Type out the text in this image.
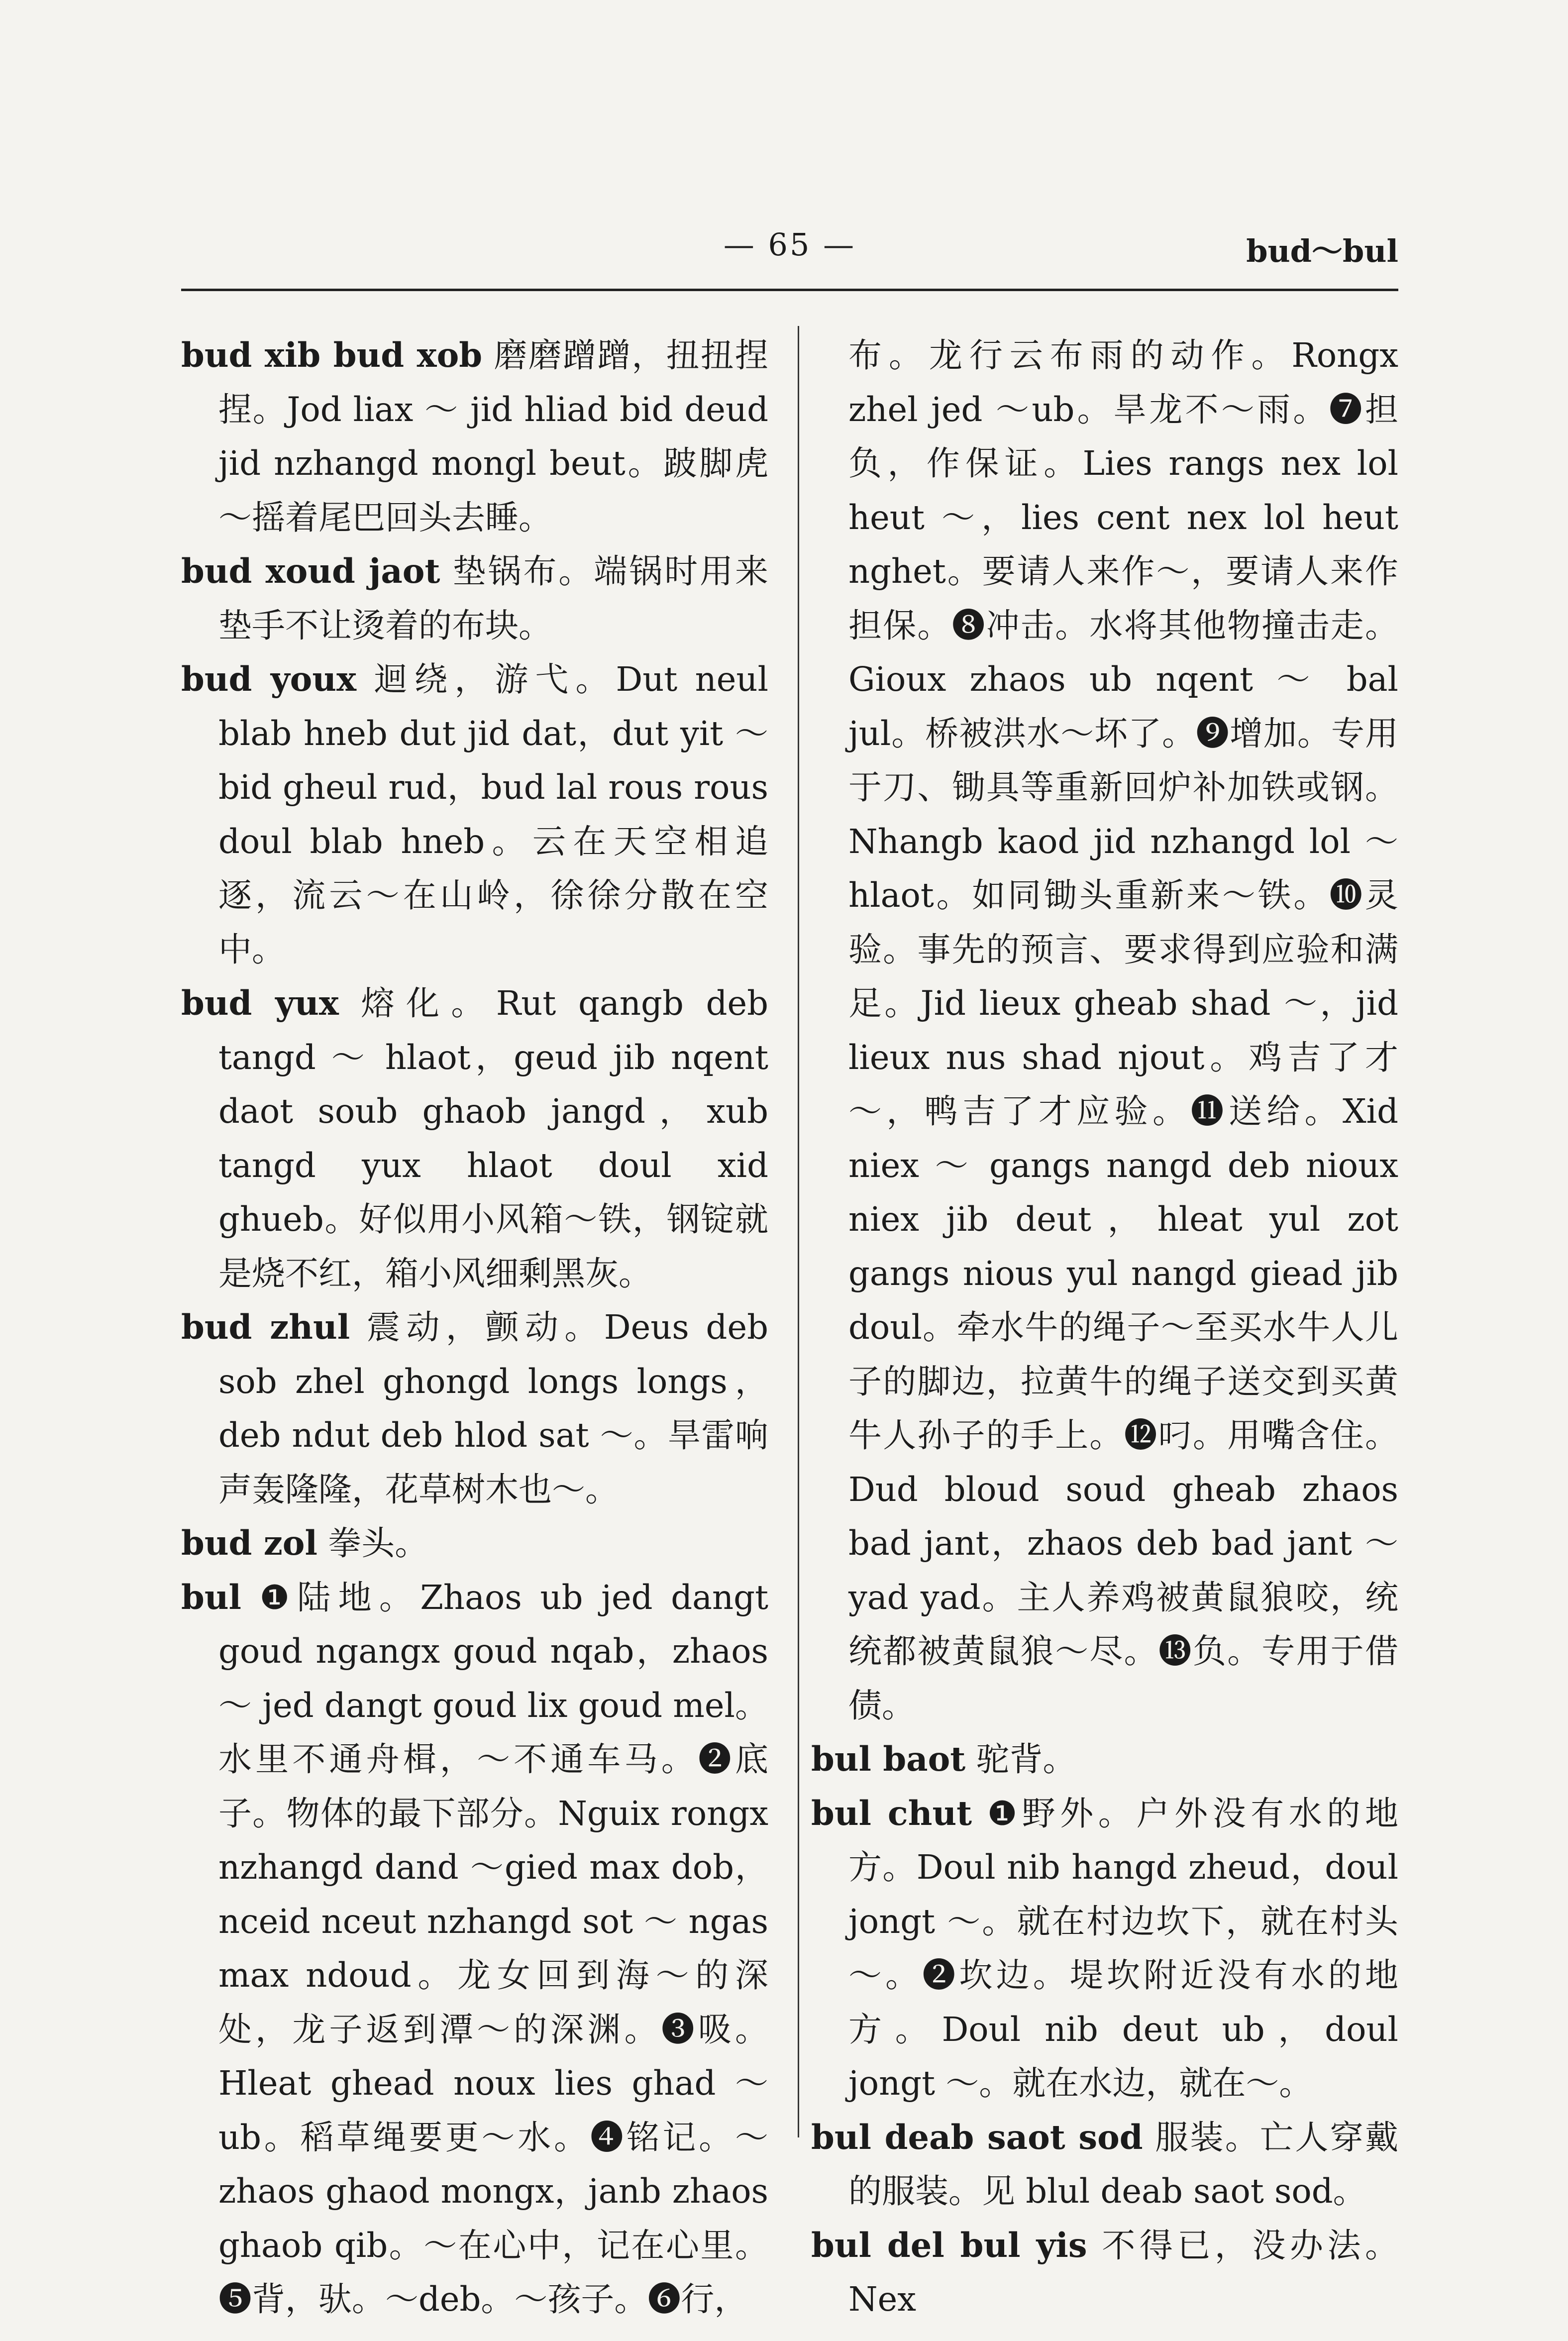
— 65 —	bud～bul

bud xib bud xob 磨磨蹭蹭，扭扭捏捏。Jod liax ～ jid hliad bid deud jid nzhangd mongl beut。跛脚虎～摇着尾巴回头去睡。

bud xoud jaot 垫锅布。端锅时用来垫手不让烫着的布块。

bud youx 迴绕，游弋。Dut neul blab hneb dut jid dat，dut yit ～ bid gheul rud，bud lal rous rous doul blab hneb。云在天空相追逐，流云～在山岭，徐徐分散在空中。

bud yux 熔化。Rut qangb deb tangd ～ hlaot，geud jib nqent daot soub ghaob jangd，xub tangd yux hlaot doul xid ghueb。好似用小风箱～铁，钢锭就是烧不红，箱小风细剩黑灰。

bud zhul 震动，颤动。Deus deb sob zhel ghongd longs longs，deb ndut deb hlod sat ～。旱雷响声轰隆隆，花草树木也～。

bud zol 拳头。

bul ❶陆地。Zhaos ub jed dangt goud ngangx goud nqab，zhaos ～ jed dangt goud lix goud mel。水里不通舟楫，～不通车马。❷底子。物体的最下部分。Nguix rongx nzhangd dand ～gied max dob，nceid nceut nzhangd sot ～ ngas max ndoud。龙女回到海～的深处，龙子返到潭～的深渊。❸吸。Hleat ghead noux lies ghad ～ ub。稻草绳要更～水。❹铭记。～ zhaos ghaod mongx，janb zhaos ghaob qib。～在心中，记在心里。❺背，驮。～deb。～孩子。❻行，

布。龙行云布雨的动作。Rongx zhel jed ～ub。旱龙不～雨。❼担负，作保证。Lies rangs nex lol heut ～，lies cent nex lol heut nghet。要请人来作～，要请人来作担保。❽冲击。水将其他物撞击走。Gioux zhaos ub nqent ～ bal jul。桥被洪水～坏了。❾增加。专用于刀、锄具等重新回炉补加铁或钢。Nhangb kaod jid nzhangd lol ～ hlaot。如同锄头重新来～铁。❿灵验。事先的预言、要求得到应验和满足。Jid lieux gheab shad ～，jid lieux nus shad njout。鸡吉了才～，鸭吉了才应验。⓫送给。Xid niex ～ gangs nangd deb nioux niex jib deut，hleat yul zot gangs nious yul nangd giead jib doul。牵水牛的绳子～至买水牛人儿子的脚边，拉黄牛的绳子送交到买黄牛人孙子的手上。⓬叼。用嘴含住。Dud bloud soud gheab zhaos bad jant，zhaos deb bad jant ～ yad yad。主人养鸡被黄鼠狼咬，统统都被黄鼠狼～尽。⓭负。专用于借债。

bul baot 驼背。

bul chut ❶野外。户外没有水的地方。Doul nib hangd zheud，doul jongt ～。就在村边坎下，就在村头～。❷坎边。堤坎附近没有水的地方。Doul nib deut ub，doul jongt ～。就在水边，就在～。

bul deab saot sod 服装。亡人穿戴的服装。见 blul deab saot sod。

bul del bul yis 不得已，没办法。Nex
